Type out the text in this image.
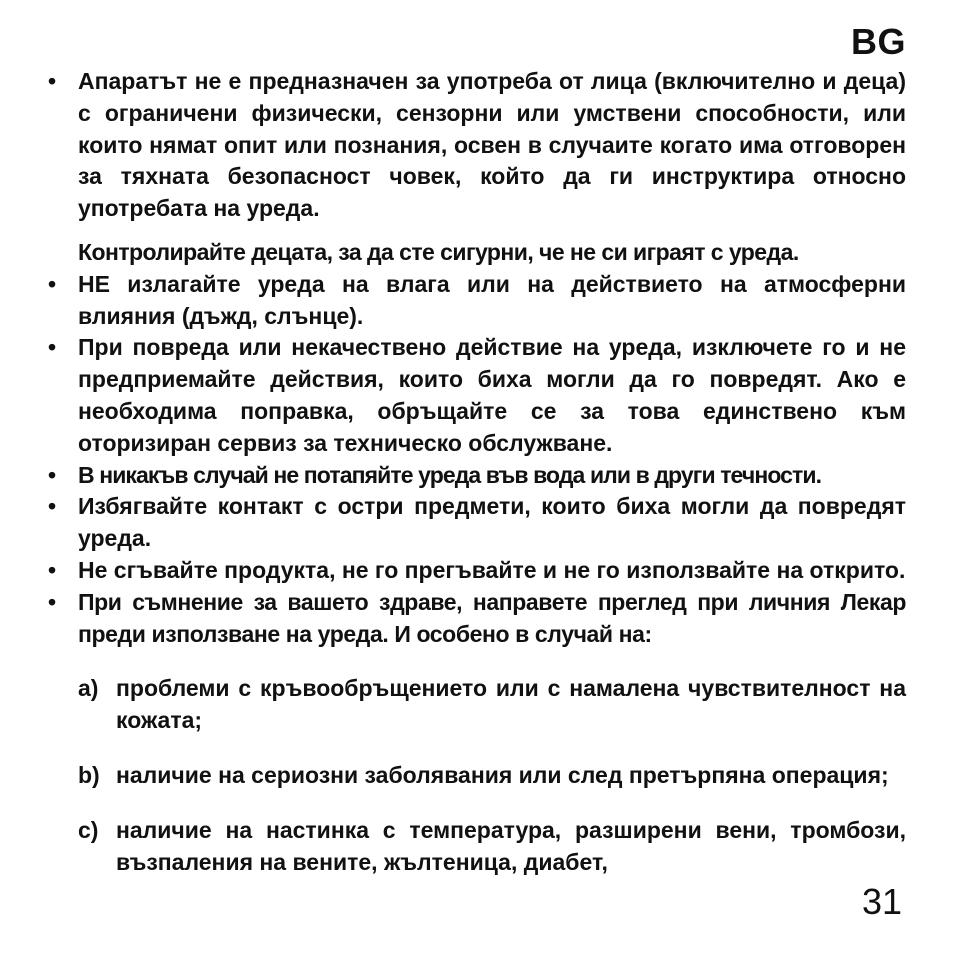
BG

• Апаратът не е предназначен за употреба от лица (включително и деца) с ограничени физически, сензорни или умствени способности, или които нямат опит или познания, освен в случаите когато има отговорен за тяхната безопасност човек, който да ги инструктира относно употребата на уреда.

Контролирайте децата, за да сте сигурни, че не си играят с уреда.

• НЕ излагайте уреда на влага или на действието на атмосферни влияния (дъжд, слънце).

• При повреда или некачествено действие на уреда, изключете го и не предприемайте действия, които биха могли да го повредят. Ако е необходима поправка, обръщайте се за това единствено към оторизиран сервиз за техническо обслужване.

• В никакъв случай не потапяйте уреда във вода или в други течности.

• Избягвайте контакт с остри предмети, които биха могли да повредят уреда.

• Не сгъвайте продукта, не го прегъвайте и не го използвайте на открито.

• При съмнение за вашето здраве, направете преглед при личния Лекар преди използване на уреда. И особено в случай на:

a) проблеми с кръвообръщението или с намалена чувствителност на кожата;

b) наличие на сериозни заболявания или след претърпяна операция;

c) наличие на настинка с температура, разширени вени, тромбози, възпаления на вените, жълтеница, диабет,

31
